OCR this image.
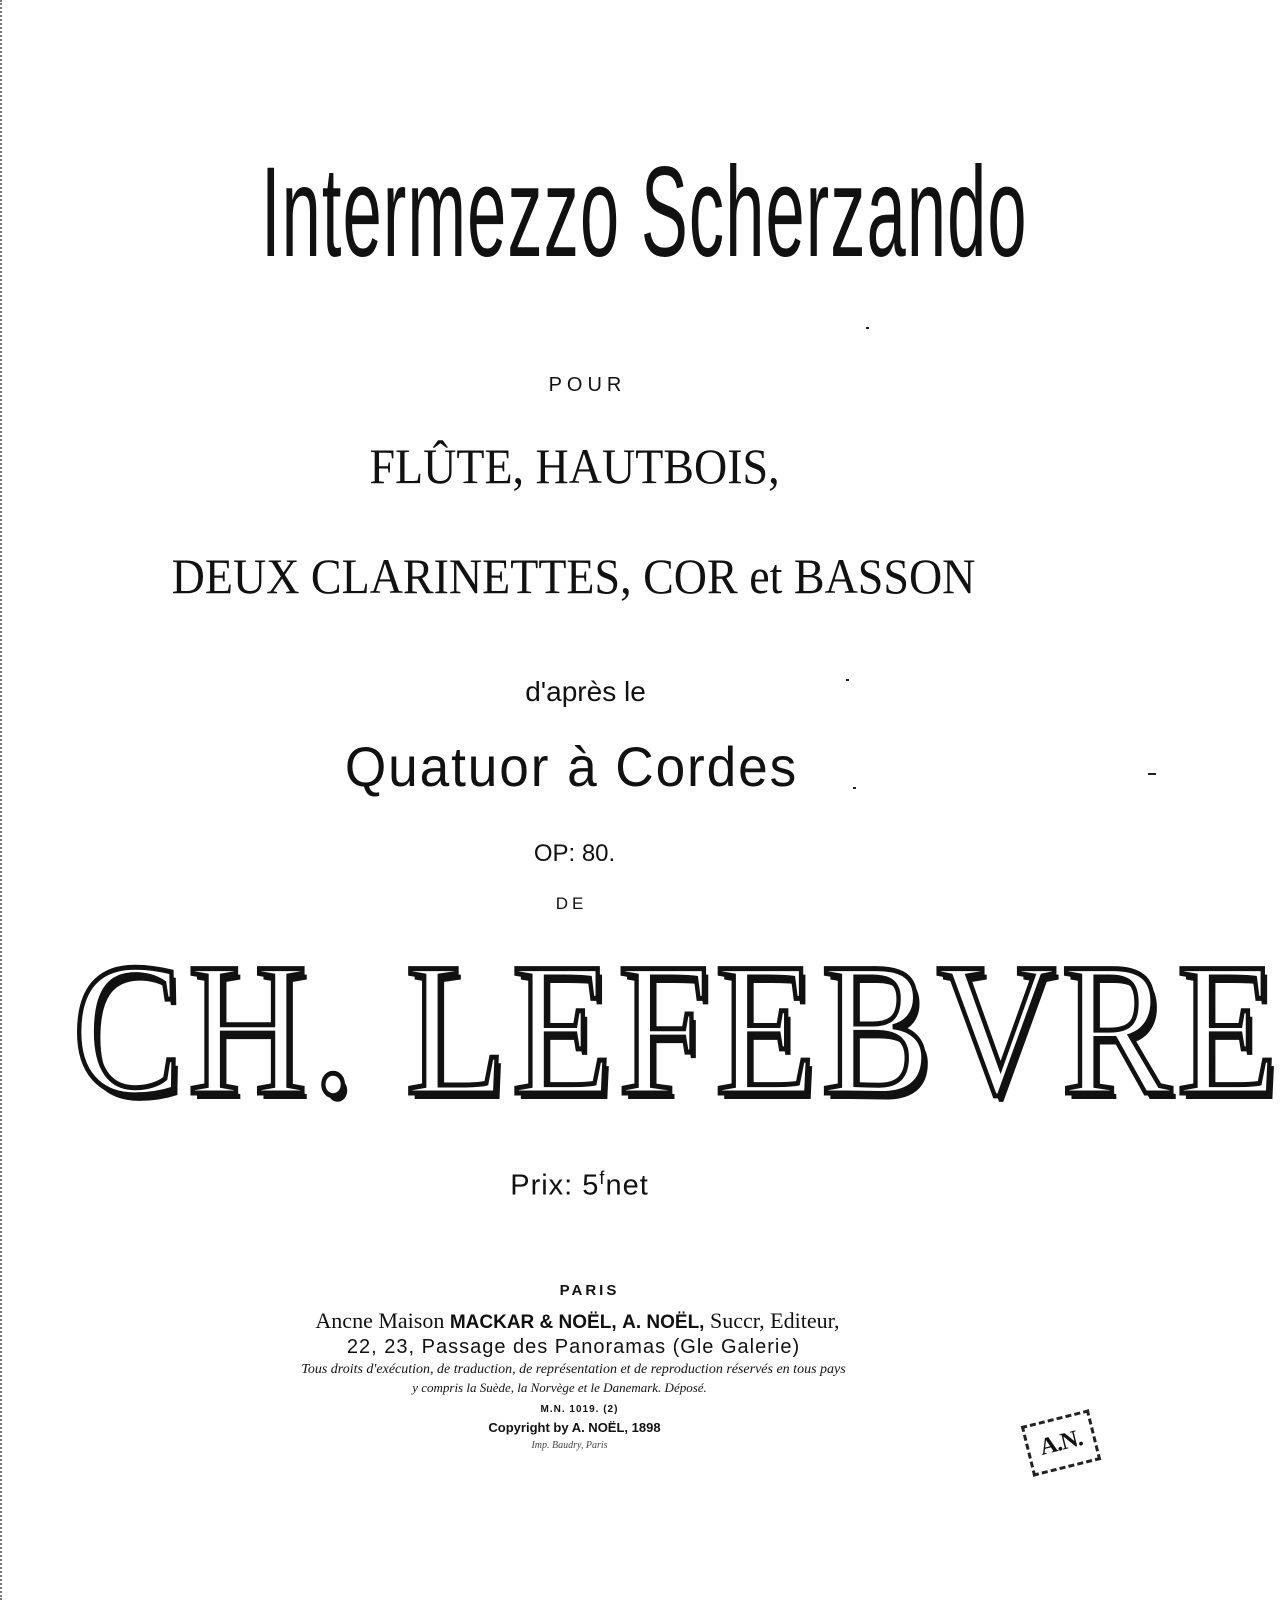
Intermezzo Scherzando
POUR
FLÛTE, HAUTBOIS,
DEUX CLARINETTES, COR et BASSON
d'après le
Quatuor à Cordes
OP: 80.
DE
CH. LEFEBVRE
Prix: 5$^f$net
PARIS
Ancne Maison MACKAR & NOËL, A. NOËL, Succr, Editeur,
22, 23, Passage des Panoramas (Gle Galerie)
Tous droits d'exécution, de traduction, de représentation et de reproduction réservés en tous pays
y compris la Suède, la Norvège et le Danemark. Déposé.
M.N. 1019. (2)
Copyright by A. NOËL, 1898
Imp. Baudry, Paris	A.N.
